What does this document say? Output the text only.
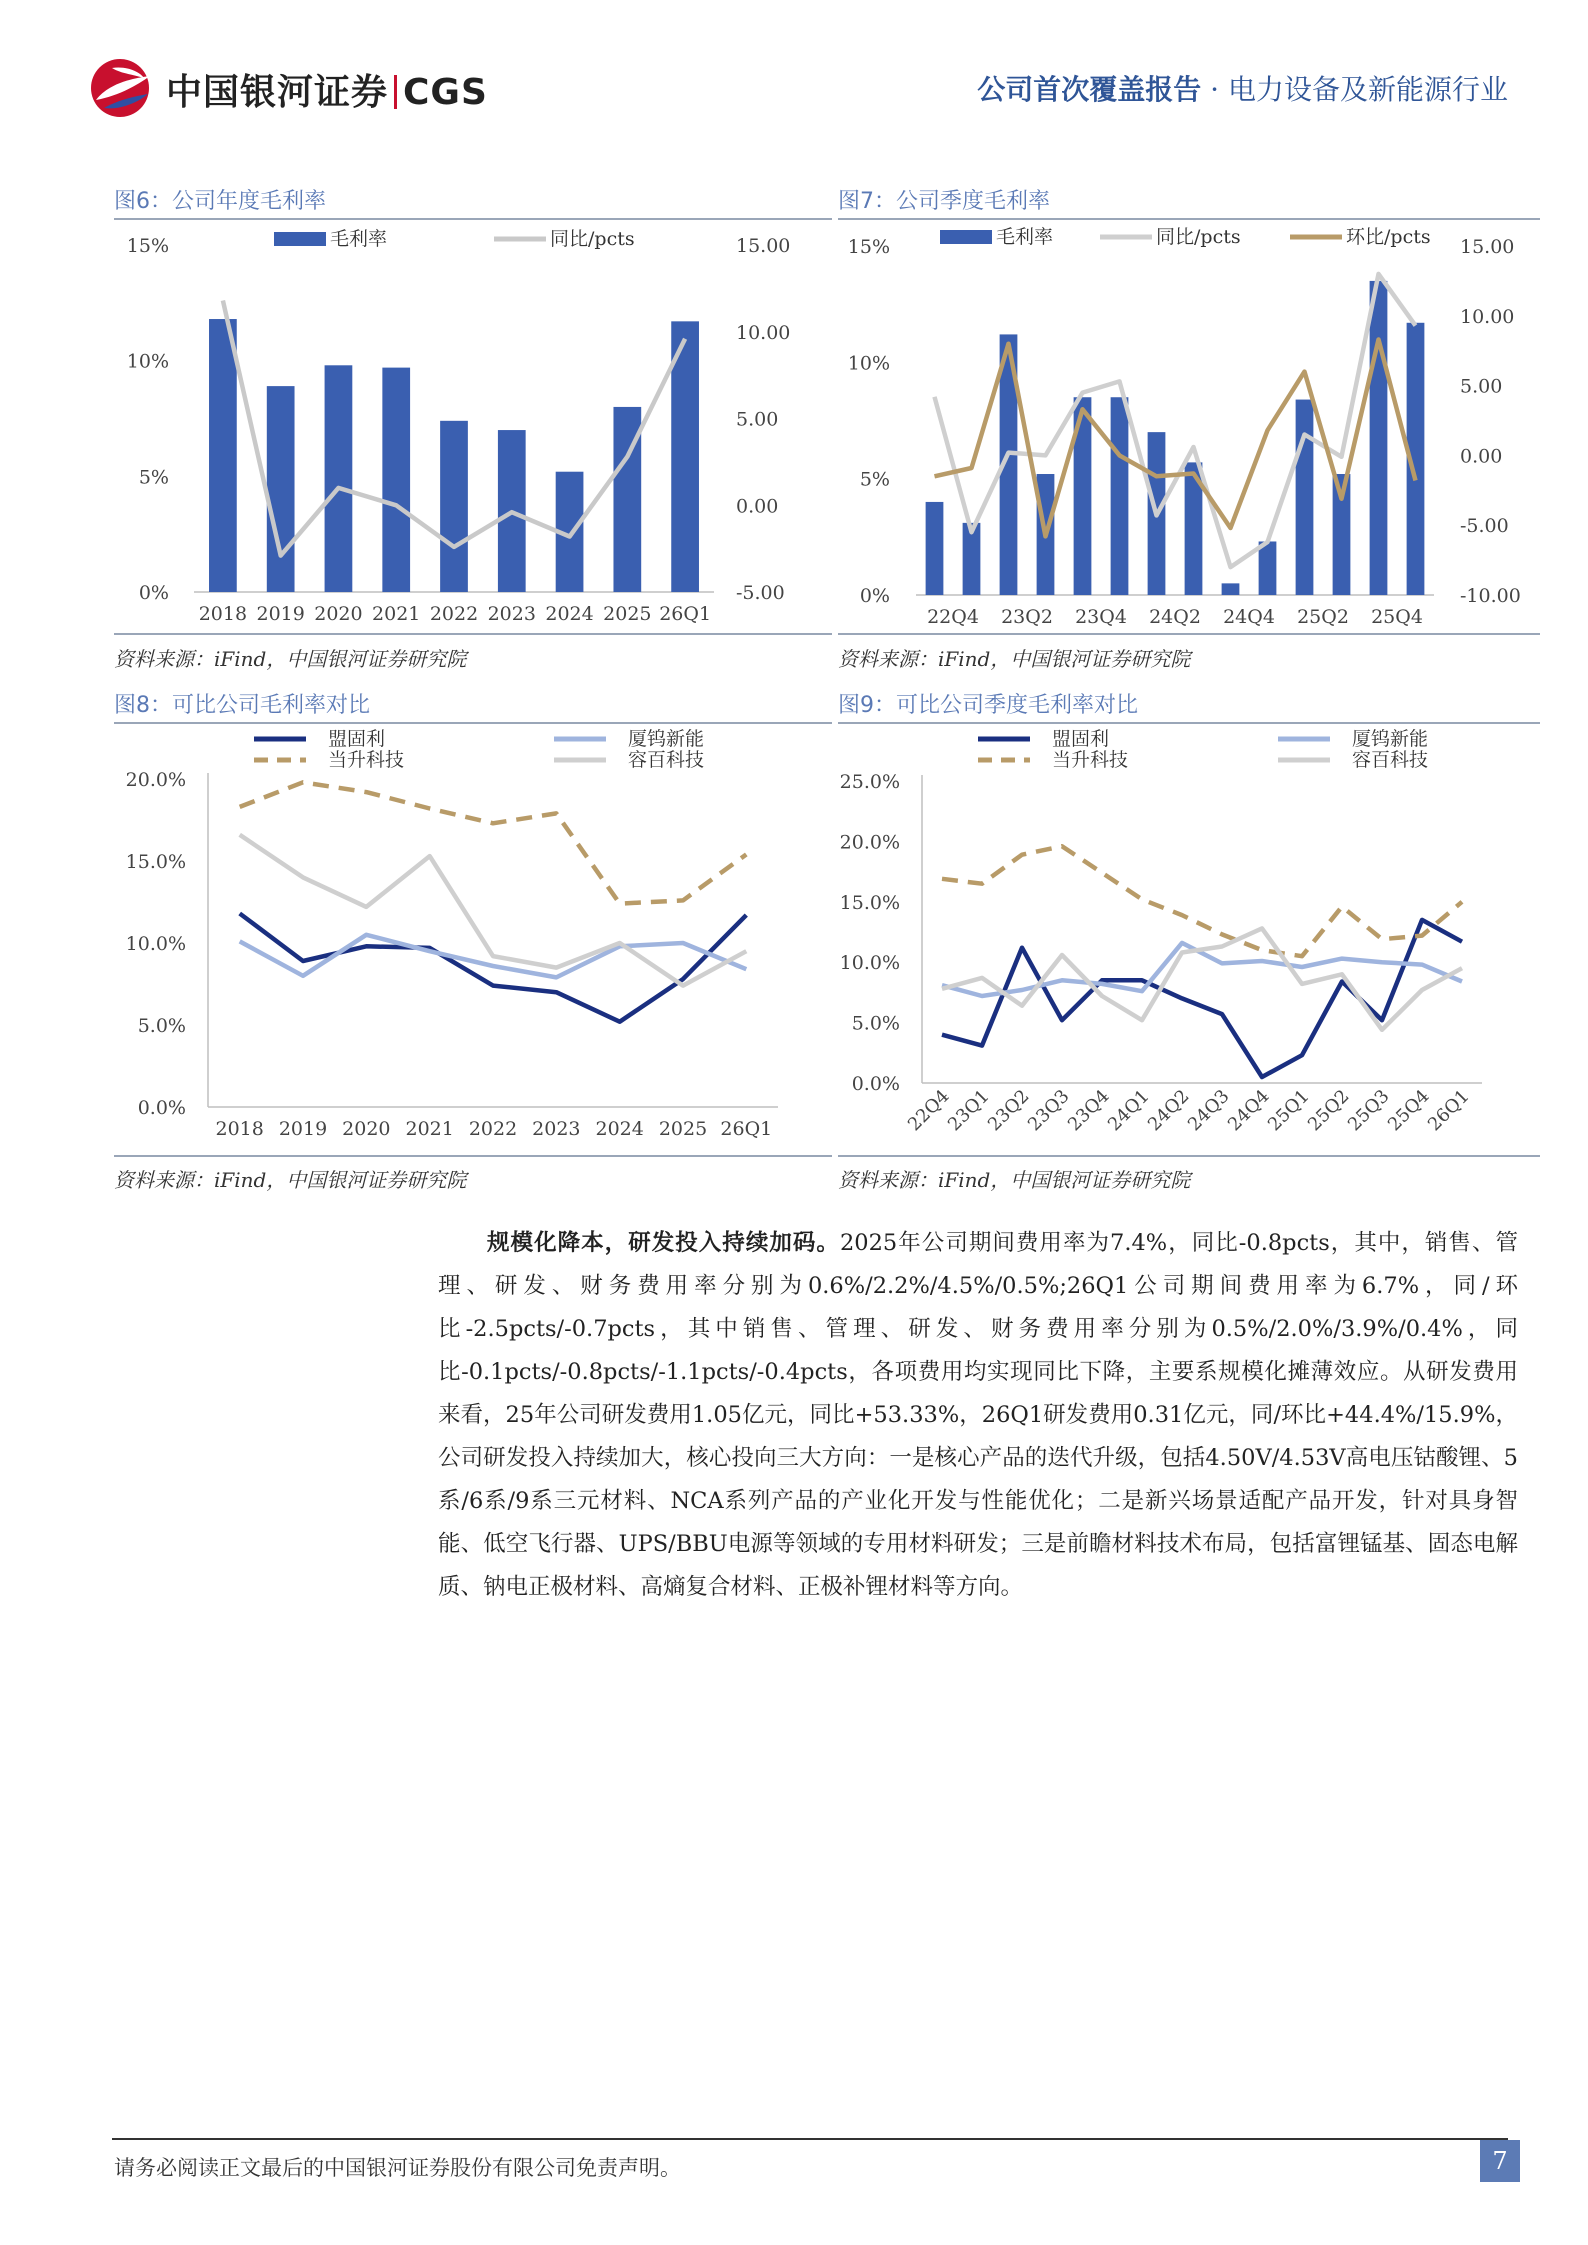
中国银河证券 CGS	公司首次覆盖报告 · 电力设备及新能源行业
图6：公司年度毛利率
0%
5%
10%
15%
-5.00
0.00
5.00
10.00
15.00
2018 2019 2020 2021 2022 2023 2024 2025 26Q1
毛利率	同比/pcts
资料来源：iFind，中国银河证券研究院
图7：公司季度毛利率
0%
5%
10%
15%
-10.00
-5.00
0.00
5.00
10.00
15.00
22Q4 23Q2 23Q4 24Q2 24Q4 25Q2 25Q4
毛利率	同比/pcts	环比/pcts
资料来源：iFind，中国银河证券研究院
图8：可比公司毛利率对比
0.0%
5.0%
10.0%
15.0%
20.0%
2018 2019 2020 2021 2022 2023 2024 2025 26Q1
盟固利	厦钨新能
当升科技	容百科技
资料来源：iFind，中国银河证券研究院
图9：可比公司季度毛利率对比
0.0%
5.0%
10.0%
15.0%
20.0%
25.0%
22Q4
23Q1
23Q2
23Q3
23Q4
24Q1
24Q2
24Q3
24Q4
25Q1
25Q2
25Q3
25Q4
26Q1
盟固利	厦钨新能
当升科技	容百科技
资料来源：iFind，中国银河证券研究院
规模化降本，研发投入持续加码。2025年公司期间费用率为7.4%，同比-0.8pcts，其中，销售、管理、研发、财务费用率分别为0.6%/2.2%/4.5%/0.5%;26Q1公司期间费用率为6.7%，同/环比-2.5pcts/-0.7pcts，其中销售、管理、研发、财务费用率分别为0.5%/2.0%/3.9%/0.4%，同比-0.1pcts/-0.8pcts/-1.1pcts/-0.4pcts，各项费用均实现同比下降，主要系规模化摊薄效应。从研发费用来看，25年公司研发费用1.05亿元，同比+53.33%，26Q1研发费用0.31亿元，同/环比+44.4%/15.9%，公司研发投入持续加大，核心投向三大方向：一是核心产品的迭代升级，包括4.50V/4.53V高电压钴酸锂、5系/6系/9系三元材料、NCA系列产品的产业化开发与性能优化；二是新兴场景适配产品开发，针对具身智能、低空飞行器、UPS/BBU电源等领域的专用材料研发；三是前瞻材料技术布局，包括富锂锰基、固态电解质、钠电正极材料、高熵复合材料、正极补锂材料等方向。
请务必阅读正文最后的中国银河证券股份有限公司免责声明。	7
